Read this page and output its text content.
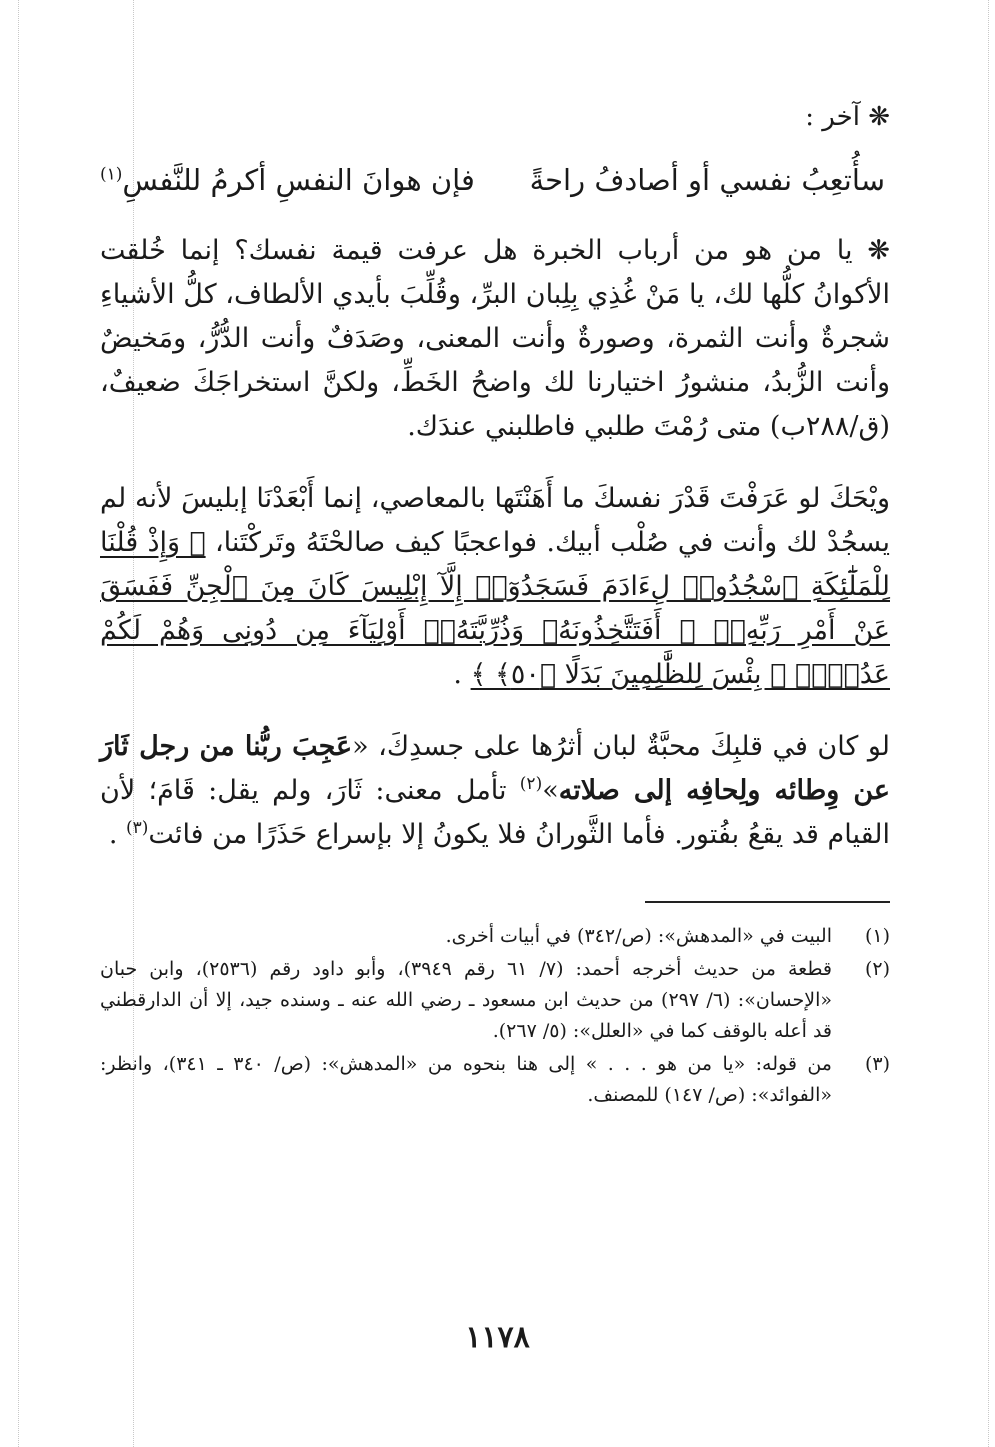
❋ آخر :
سأُتعِبُ نفسي أو أصادفُ راحةً
فإن هوانَ النفسِ أكرمُ للنَّفسِ$^{(١)}$

❋ يا من هو من أرباب الخبرة هل عرفت قيمة نفسك؟ إنما خُلقت الأكوانُ كلُّها لك، يا مَنْ غُذِي بِلِبان البرِّ، وقُلِّبَ بأيدي الألطاف، كلُّ الأشياءِ شجرةٌ وأنت الثمرة، وصورةٌ وأنت المعنى، وصَدَفٌ وأنت الدُّرُّ، ومَخيضٌ وأنت الزُّبدُ، منشورُ اختيارنا لك واضحُ الخَطِّ، ولكنَّ استخراجَكَ ضعيفٌ، (ق/٢٨٨ب) متى رُمْتَ طلبي فاطلبني عندَك.

ويْحَكَ لو عَرَفْتَ قَدْرَ نفسكَ ما أَهَنْتَها بالمعاصي، إنما أَبْعَدْنَا إبليسَ لأنه لم يسجُدْ لك وأنت في صُلْب أبيك. فواعجبًا كيف صالحْتَهُ وتَركْتَنا، ﴿ وَإِذْ قُلْنَا لِلْمَلَٰٓئِكَةِ ٱسْجُدُوا۟ لِءَادَمَ فَسَجَدُوٓا۟ إِلَّآ إِبْلِيسَ كَانَ مِنَ ٱلْجِنِّ فَفَسَقَ عَنْ أَمْرِ رَبِّهِۦٓ ۗ أَفَتَتَّخِذُونَهُۥ وَذُرِّيَّتَهُۥٓ أَوْلِيَآءَ مِن دُونِى وَهُمْ لَكُمْ عَدُوٌّۢ ۚ بِئْسَ لِلظَّٰلِمِينَ بَدَلًا ﴿٥٠﴾ ﴾ .

لو كان في قلبِكَ محبَّةٌ لبان أثرُها على جسدِكَ، «عَجِبَ ربُّنا من رجل ثَارَ عن وِطائه ولِحافِه إلى صلاته»$^{(٢)}$ تأمل معنى: ثَارَ، ولم يقل: قَامَ؛ لأن القيام قد يقعُ بفُتور. فأما الثَّورانُ فلا يكونُ إلا بإسراع حَذَرًا من فائت$^{(٣)}$ .

(١)
البيت في «المدهش»: (ص/٣٤٢) في أبيات أخرى.
(٢)
قطعة من حديث أخرجه أحمد: (٧/ ٦١ رقم ٣٩٤٩)، وأبو داود رقم (٢٥٣٦)، وابن حبان «الإحسان»: (٦/ ٢٩٧) من حديث ابن مسعود ـ رضي الله عنه ـ وسنده جيد، إلا أن الدارقطني قد أعله بالوقف كما في «العلل»: (٥/ ٢٦٧).
(٣)
من قوله: «يا من هو . . . » إلى هنا بنحوه من «المدهش»: (ص/ ٣٤٠ ـ ٣٤١)، وانظر: «الفوائد»: (ص/ ١٤٧) للمصنف.
١١٧٨
